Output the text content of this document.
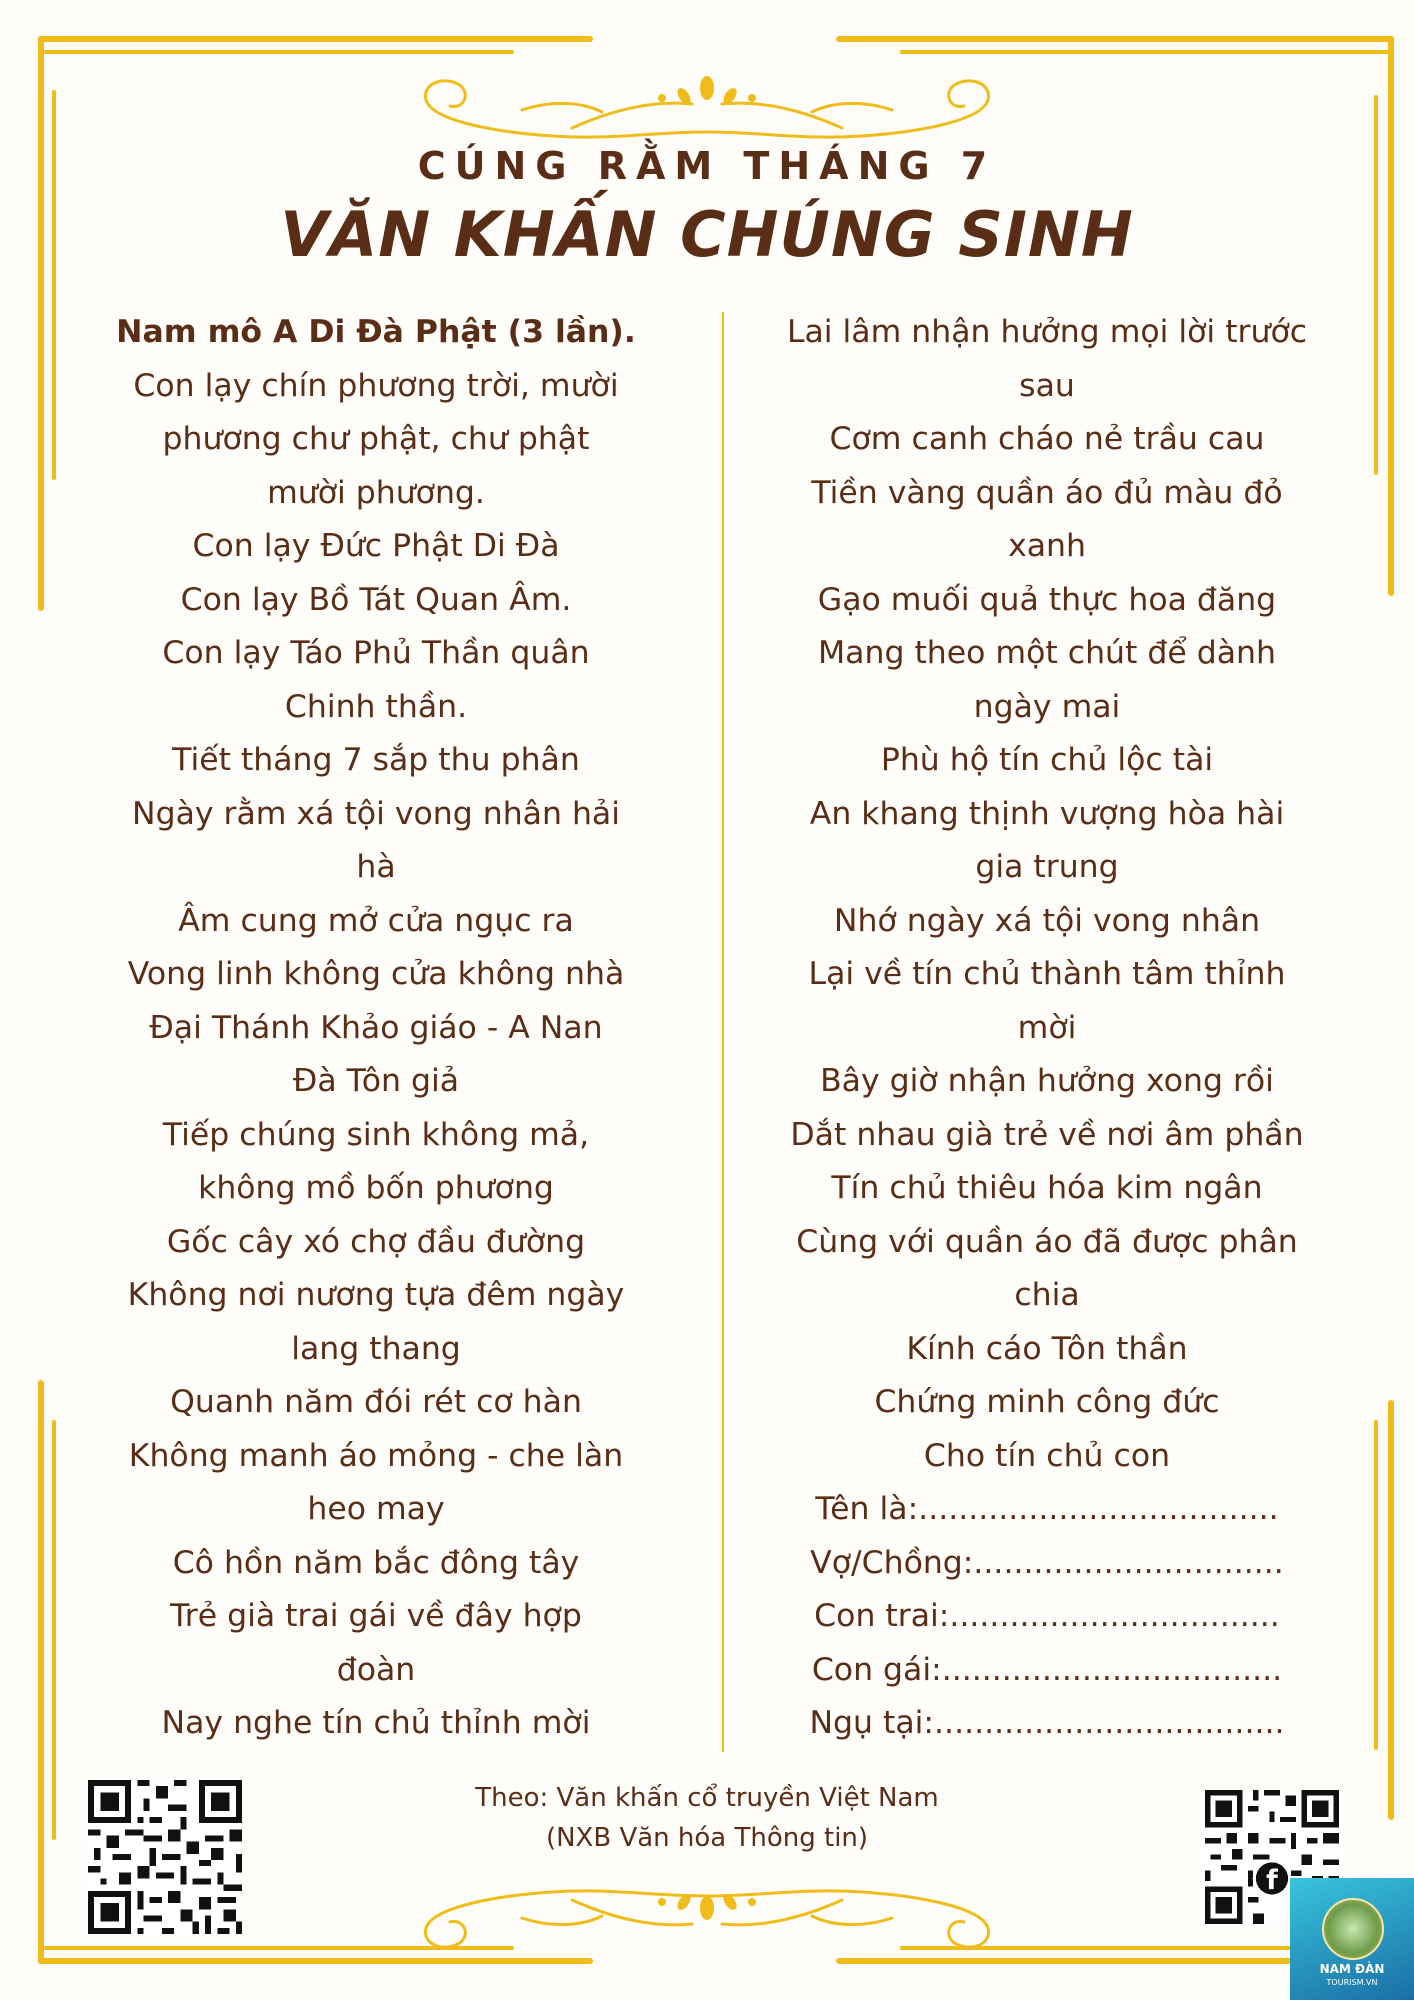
CÚNG RẰM THÁNG 7
VĂN KHẤN CHÚNG SINH
Nam mô A Di Đà Phật (3 lần).
Con lạy chín phương trời, mười
phương chư phật, chư phật
mười phương.
Con lạy Đức Phật Di Đà
Con lạy Bồ Tát Quan Âm.
Con lạy Táo Phủ Thần quân
Chinh thần.
Tiết tháng 7 sắp thu phân
Ngày rằm xá tội vong nhân hải
hà
Âm cung mở cửa ngục ra
Vong linh không cửa không nhà
Đại Thánh Khảo giáo - A Nan
Đà Tôn giả
Tiếp chúng sinh không mả,
không mồ bốn phương
Gốc cây xó chợ đầu đường
Không nơi nương tựa đêm ngày
lang thang
Quanh năm đói rét cơ hàn
Không manh áo mỏng - che làn
heo may
Cô hồn năm bắc đông tây
Trẻ già trai gái về đây hợp
đoàn
Nay nghe tín chủ thỉnh mời
Lai lâm nhận hưởng mọi lời trước
sau
Cơm canh cháo nẻ trầu cau
Tiền vàng quần áo đủ màu đỏ
xanh
Gạo muối quả thực hoa đăng
Mang theo một chút để dành
ngày mai
Phù hộ tín chủ lộc tài
An khang thịnh vượng hòa hài
gia trung
Nhớ ngày xá tội vong nhân
Lại về tín chủ thành tâm thỉnh
mời
Bây giờ nhận hưởng xong rồi
Dắt nhau già trẻ về nơi âm phần
Tín chủ thiêu hóa kim ngân
Cùng với quần áo đã được phân
chia
Kính cáo Tôn thần
Chứng minh công đức
Cho tín chủ con
Tên là:....................................
Vợ/Chồng:...............................
Con trai:.................................
Con gái:..................................
Ngụ tại:...................................
Theo: Văn khấn cổ truyền Việt Nam
(NXB Văn hóa Thông tin)
f
NAM ĐÀN
TOURISM.VN
